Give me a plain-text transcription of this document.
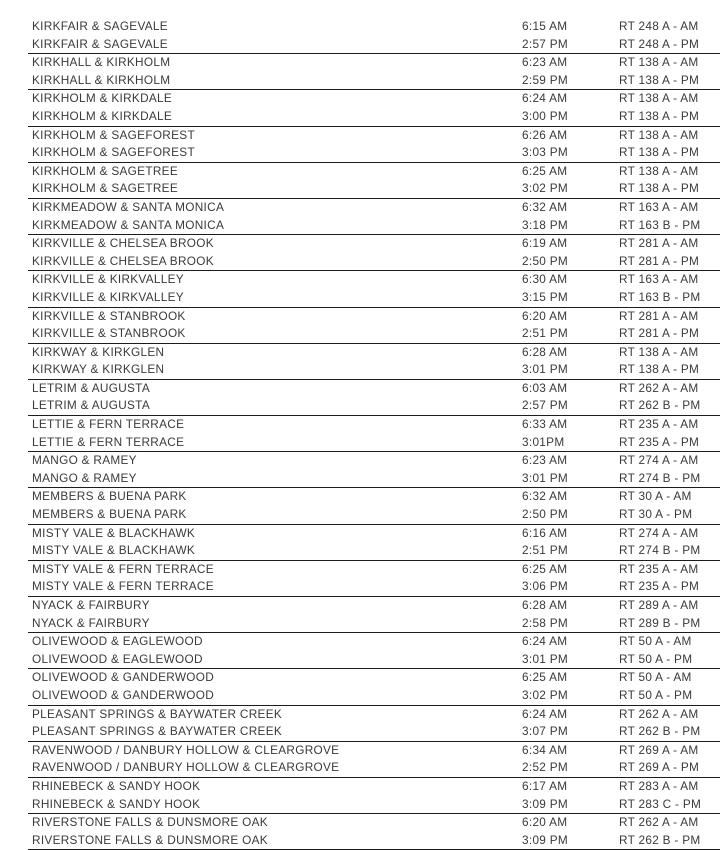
KIRKFAIR & SAGEVALE	6:15 AM	RT 248 A - AM
KIRKFAIR & SAGEVALE	2:57 PM	RT 248 A - PM
KIRKHALL & KIRKHOLM	6:23 AM	RT 138 A - AM
KIRKHALL & KIRKHOLM	2:59 PM	RT 138 A - PM
KIRKHOLM & KIRKDALE	6:24 AM	RT 138 A - AM
KIRKHOLM & KIRKDALE	3:00 PM	RT 138 A - PM
KIRKHOLM & SAGEFOREST	6:26 AM	RT 138 A - AM
KIRKHOLM & SAGEFOREST	3:03 PM	RT 138 A - PM
KIRKHOLM & SAGETREE	6:25 AM	RT 138 A - AM
KIRKHOLM & SAGETREE	3:02 PM	RT 138 A - PM
KIRKMEADOW & SANTA MONICA	6:32 AM	RT 163 A - AM
KIRKMEADOW & SANTA MONICA	3:18 PM	RT 163 B - PM
KIRKVILLE & CHELSEA BROOK	6:19 AM	RT 281 A - AM
KIRKVILLE & CHELSEA BROOK	2:50 PM	RT 281 A - PM
KIRKVILLE & KIRKVALLEY	6:30 AM	RT 163 A - AM
KIRKVILLE & KIRKVALLEY	3:15 PM	RT 163 B - PM
KIRKVILLE & STANBROOK	6:20 AM	RT 281 A - AM
KIRKVILLE & STANBROOK	2:51 PM	RT 281 A - PM
KIRKWAY & KIRKGLEN	6:28 AM	RT 138 A - AM
KIRKWAY & KIRKGLEN	3:01 PM	RT 138 A - PM
LETRIM & AUGUSTA	6:03 AM	RT 262 A - AM
LETRIM & AUGUSTA	2:57 PM	RT 262 B - PM
LETTIE & FERN TERRACE	6:33 AM	RT 235 A - AM
LETTIE & FERN TERRACE	3:01PM	RT 235 A - PM
MANGO & RAMEY	6:23 AM	RT 274 A - AM
MANGO & RAMEY	3:01 PM	RT 274 B - PM
MEMBERS & BUENA PARK	6:32 AM	RT 30 A - AM
MEMBERS & BUENA PARK	2:50 PM	RT 30 A - PM
MISTY VALE & BLACKHAWK	6:16 AM	RT 274 A - AM
MISTY VALE & BLACKHAWK	2:51 PM	RT 274 B - PM
MISTY VALE & FERN TERRACE	6:25 AM	RT 235 A - AM
MISTY VALE & FERN TERRACE	3:06 PM	RT 235 A - PM
NYACK & FAIRBURY	6:28 AM	RT 289 A - AM
NYACK & FAIRBURY	2:58 PM	RT 289 B - PM
OLIVEWOOD & EAGLEWOOD	6:24 AM	RT 50 A - AM
OLIVEWOOD & EAGLEWOOD	3:01 PM	RT 50 A - PM
OLIVEWOOD & GANDERWOOD	6:25 AM	RT 50 A - AM
OLIVEWOOD & GANDERWOOD	3:02 PM	RT 50 A - PM
PLEASANT SPRINGS & BAYWATER CREEK	6:24 AM	RT 262 A - AM
PLEASANT SPRINGS & BAYWATER CREEK	3:07 PM	RT 262 B - PM
RAVENWOOD / DANBURY HOLLOW & CLEARGROVE	6:34 AM	RT 269 A - AM
RAVENWOOD / DANBURY HOLLOW & CLEARGROVE	2:52 PM	RT 269 A - PM
RHINEBECK & SANDY HOOK	6:17 AM	RT 283 A - AM
RHINEBECK & SANDY HOOK	3:09 PM	RT 283 C - PM
RIVERSTONE FALLS & DUNSMORE OAK	6:20 AM	RT 262 A - AM
RIVERSTONE FALLS & DUNSMORE OAK	3:09 PM	RT 262 B - PM
